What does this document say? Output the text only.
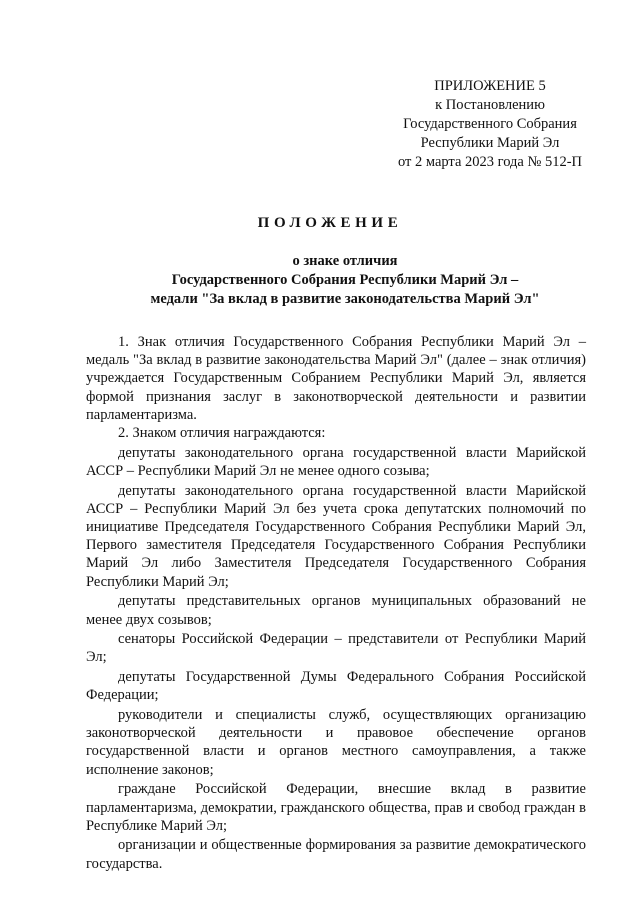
ПРИЛОЖЕНИЕ 5
к Постановлению
Государственного Собрания
Республики Марий Эл
от 2 марта 2023 года № 512-П
ПОЛОЖЕНИЕ
о знаке отличия
Государственного Собрания Республики Марий Эл –
медали "За вклад в развитие законодательства Марий Эл"

1. Знак отличия Государственного Собрания Республики Марий Эл – медаль "За вклад в развитие законодательства Марий Эл" (далее – знак отличия) учреждается Государственным Собранием Республики Марий Эл, является формой признания заслуг в законотворческой деятельности и развитии парламентаризма.

2. Знаком отличия награждаются:

депутаты законодательного органа государственной власти Марийской АССР – Республики Марий Эл не менее одного созыва;

депутаты законодательного органа государственной власти Марийской АССР – Республики Марий Эл без учета срока депутатских полномочий по инициативе Председателя Государственного Собрания Республики Марий Эл, Первого заместителя Председателя Государственного Собрания Республики Марий Эл либо Заместителя Председателя Государственного Собрания Республики Марий Эл;

депутаты представительных органов муниципальных образований не менее двух созывов;

сенаторы Российской Федерации – представители от Республики Марий Эл;

депутаты Государственной Думы Федерального Собрания Российской Федерации;

руководители и специалисты служб, осуществляющих организацию законотворческой деятельности и правовое обеспечение органов государственной власти и органов местного самоуправления, а также исполнение законов;

граждане Российской Федерации, внесшие вклад в развитие парламентаризма, демократии, гражданского общества, прав и свобод граждан в Республике Марий Эл;

организации и общественные формирования за развитие демократического государства.
